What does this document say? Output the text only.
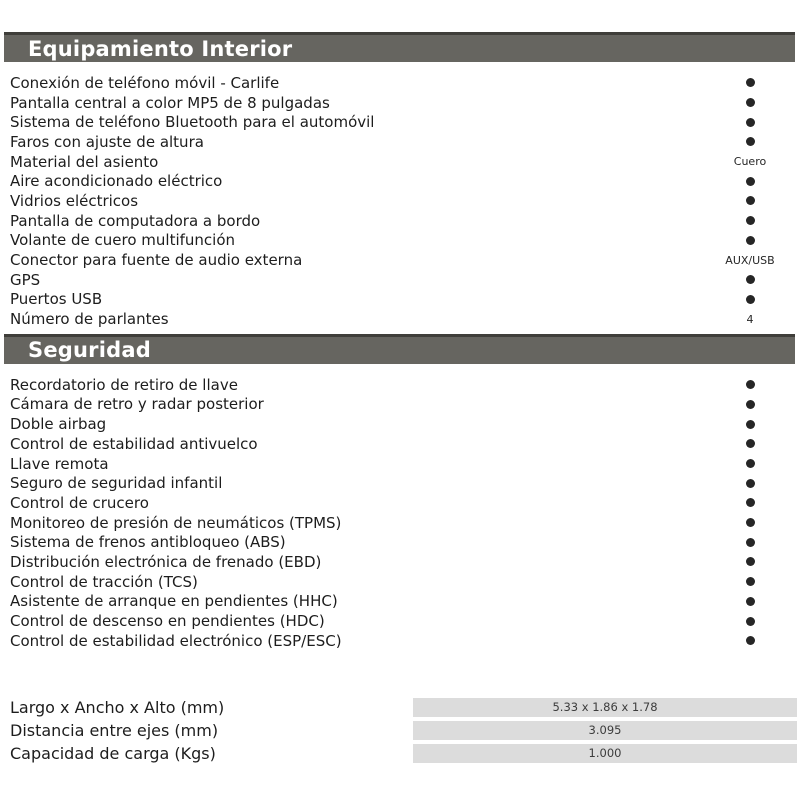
Equipamiento Interior
Conexión de teléfono móvil - Carlife
Pantalla central a color MP5 de 8 pulgadas
Sistema de teléfono Bluetooth para el automóvil
Faros con ajuste de altura
Material del asiento	Cuero
Aire acondicionado eléctrico
Vidrios eléctricos
Pantalla de computadora a bordo
Volante de cuero multifunción
Conector para fuente de audio externa	AUX/USB
GPS
Puertos USB
Número de parlantes	4
Seguridad
Recordatorio de retiro de llave
Cámara de retro y radar posterior
Doble airbag
Control de estabilidad antivuelco
Llave remota
Seguro de seguridad infantil
Control de crucero
Monitoreo de presión de neumáticos (TPMS)
Sistema de frenos antibloqueo (ABS)
Distribución electrónica de frenado (EBD)
Control de tracción (TCS)
Asistente de arranque en pendientes (HHC)
Control de descenso en pendientes (HDC)
Control de estabilidad electrónico (ESP/ESC)
Largo x Ancho x Alto (mm)	5.33 x 1.86 x 1.78
Distancia entre ejes (mm)	3.095
Capacidad de carga (Kgs)	1.000
